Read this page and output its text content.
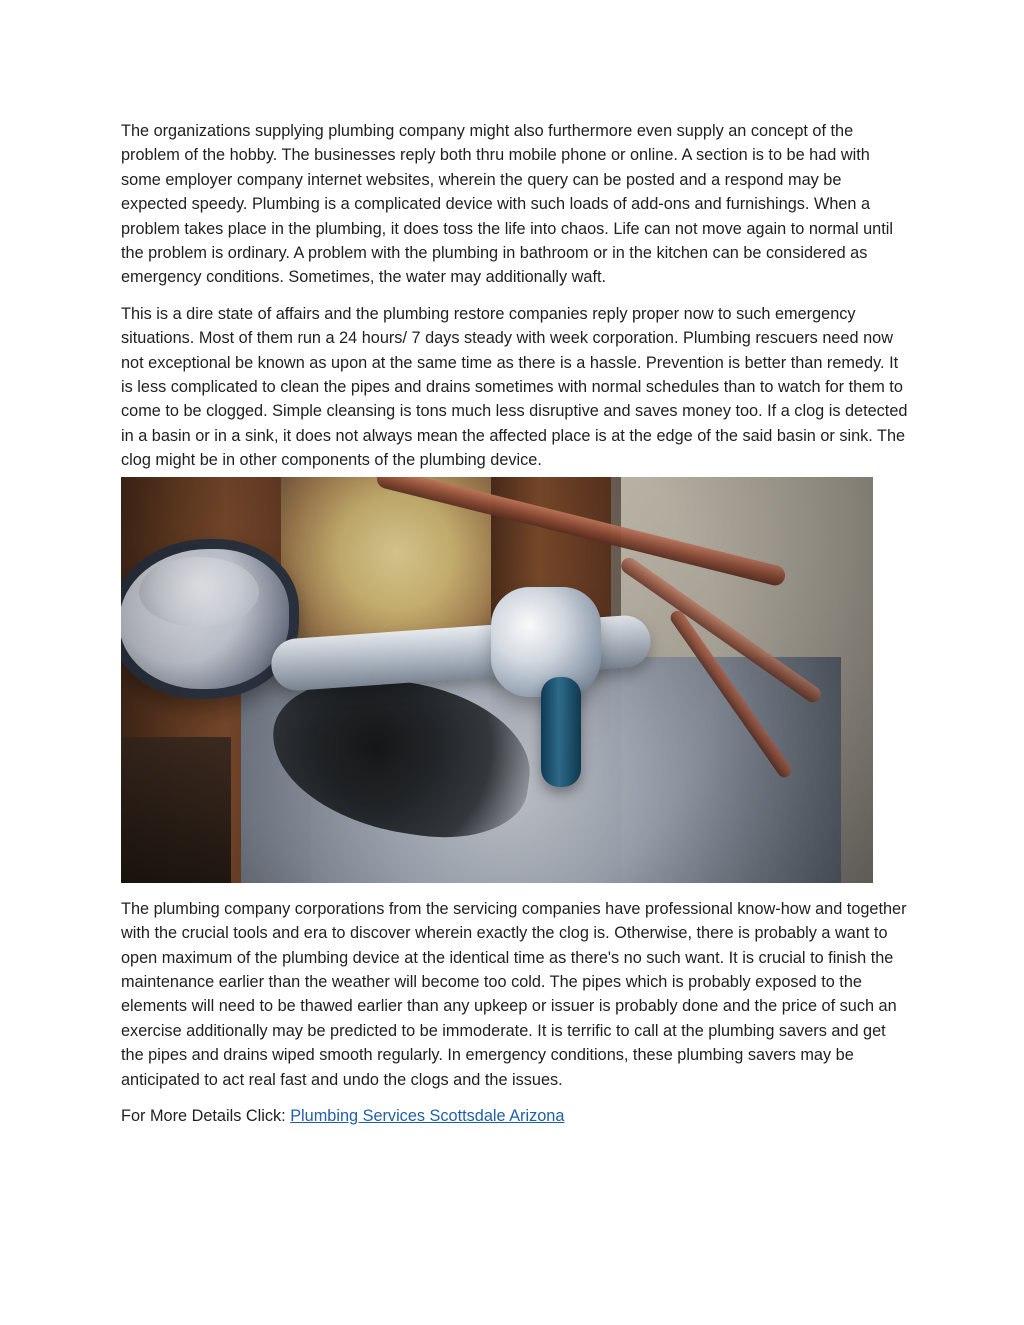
The organizations supplying plumbing company might also furthermore even supply an concept of the problem of the hobby. The businesses reply both thru mobile phone or online. A section is to be had with some employer company internet websites, wherein the query can be posted and a respond may be expected speedy. Plumbing is a complicated device with such loads of add-ons and furnishings. When a problem takes place in the plumbing, it does toss the life into chaos. Life can not move again to normal until the problem is ordinary. A problem with the plumbing in bathroom or in the kitchen can be considered as emergency conditions. Sometimes, the water may additionally waft.

This is a dire state of affairs and the plumbing restore companies reply proper now to such emergency situations. Most of them run a 24 hours/ 7 days steady with week corporation. Plumbing rescuers need now not exceptional be known as upon at the same time as there is a hassle. Prevention is better than remedy. It is less complicated to clean the pipes and drains sometimes with normal schedules than to watch for them to come to be clogged. Simple cleansing is tons much less disruptive and saves money too. If a clog is detected in a basin or in a sink, it does not always mean the affected place is at the edge of the said basin or sink. The clog might be in other components of the plumbing device.

The plumbing company corporations from the servicing companies have professional know-how and together with the crucial tools and era to discover wherein exactly the clog is. Otherwise, there is probably a want to open maximum of the plumbing device at the identical time as there's no such want. It is crucial to finish the maintenance earlier than the weather will become too cold. The pipes which is probably exposed to the elements will need to be thawed earlier than any upkeep or issuer is probably done and the price of such an exercise additionally may be predicted to be immoderate. It is terrific to call at the plumbing savers and get the pipes and drains wiped smooth regularly. In emergency conditions, these plumbing savers may be anticipated to act real fast and undo the clogs and the issues.

For More Details Click: Plumbing Services Scottsdale Arizona
